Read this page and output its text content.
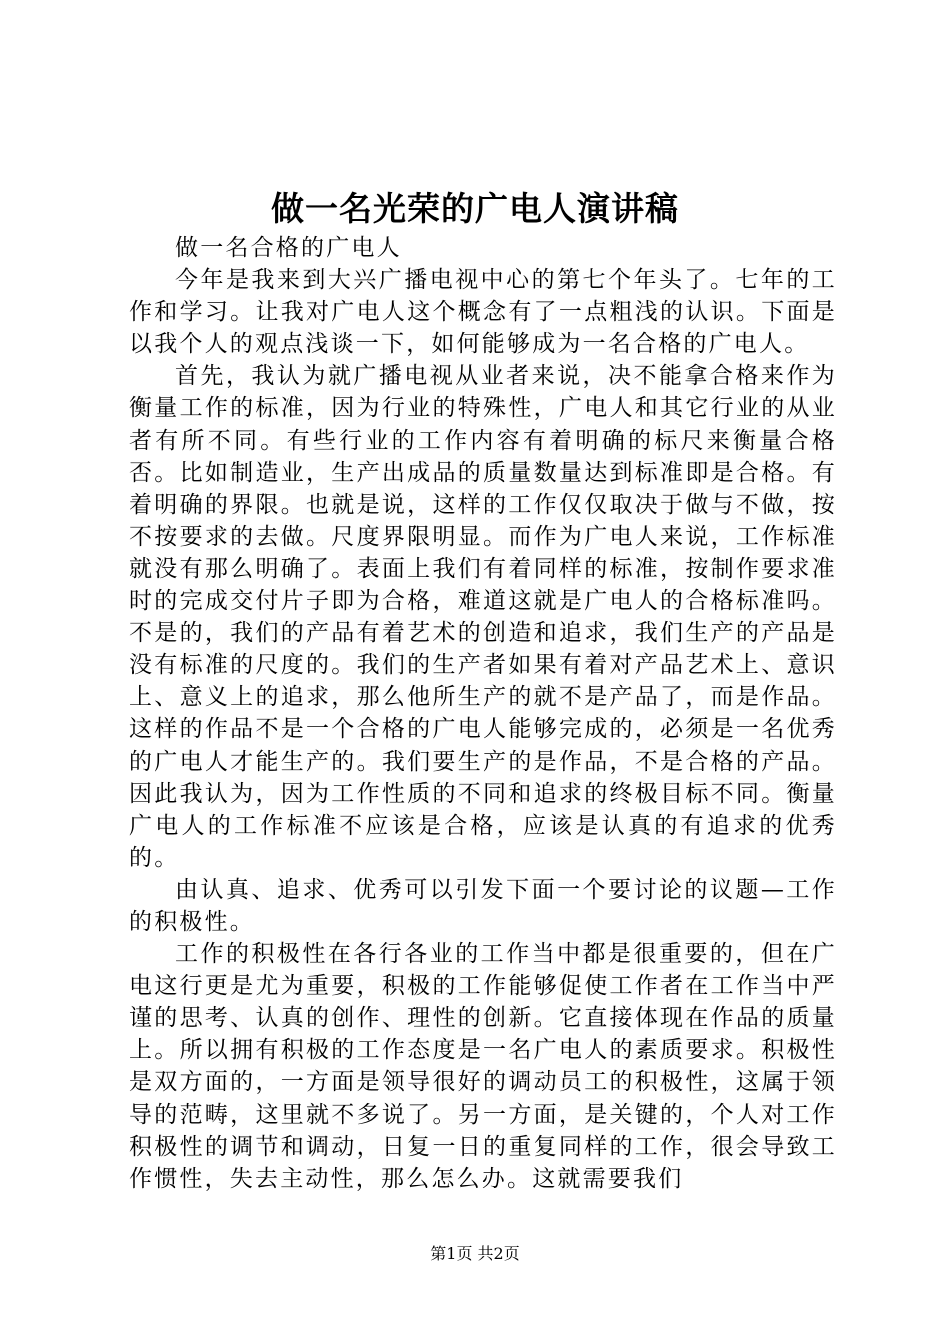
做一名光荣的广电人演讲稿

做一名合格的广电人

今年是我来到大兴广播电视中心的第七个年头了。七年的工作和学习。让我对广电人这个概念有了一点粗浅的认识。下面是以我个人的观点浅谈一下，如何能够成为一名合格的广电人。

首先，我认为就广播电视从业者来说，决不能拿合格来作为衡量工作的标准，因为行业的特殊性，广电人和其它行业的从业者有所不同。有些行业的工作内容有着明确的标尺来衡量合格否。比如制造业，生产出成品的质量数量达到标准即是合格。有着明确的界限。也就是说，这样的工作仅仅取决于做与不做，按不按要求的去做。尺度界限明显。而作为广电人来说，工作标准就没有那么明确了。表面上我们有着同样的标准，按制作要求准时的完成交付片子即为合格，难道这就是广电人的合格标准吗。不是的，我们的产品有着艺术的创造和追求，我们生产的产品是没有标准的尺度的。我们的生产者如果有着对产品艺术上、意识上、意义上的追求，那么他所生产的就不是产品了，而是作品。这样的作品不是一个合格的广电人能够完成的，必须是一名优秀的广电人才能生产的。我们要生产的是作品，不是合格的产品。因此我认为，因为工作性质的不同和追求的终极目标不同。衡量广电人的工作标准不应该是合格，应该是认真的有追求的优秀的。

由认真、追求、优秀可以引发下面一个要讨论的议题—工作的积极性。

工作的积极性在各行各业的工作当中都是很重要的，但在广电这行更是尤为重要，积极的工作能够促使工作者在工作当中严谨的思考、认真的创作、理性的创新。它直接体现在作品的质量上。所以拥有积极的工作态度是一名广电人的素质要求。积极性是双方面的，一方面是领导很好的调动员工的积极性，这属于领导的范畴，这里就不多说了。另一方面，是关键的，个人对工作积极性的调节和调动，日复一日的重复同样的工作，很会导致工作惯性，失去主动性，那么怎么办。这就需要我们

第1页 共2页
